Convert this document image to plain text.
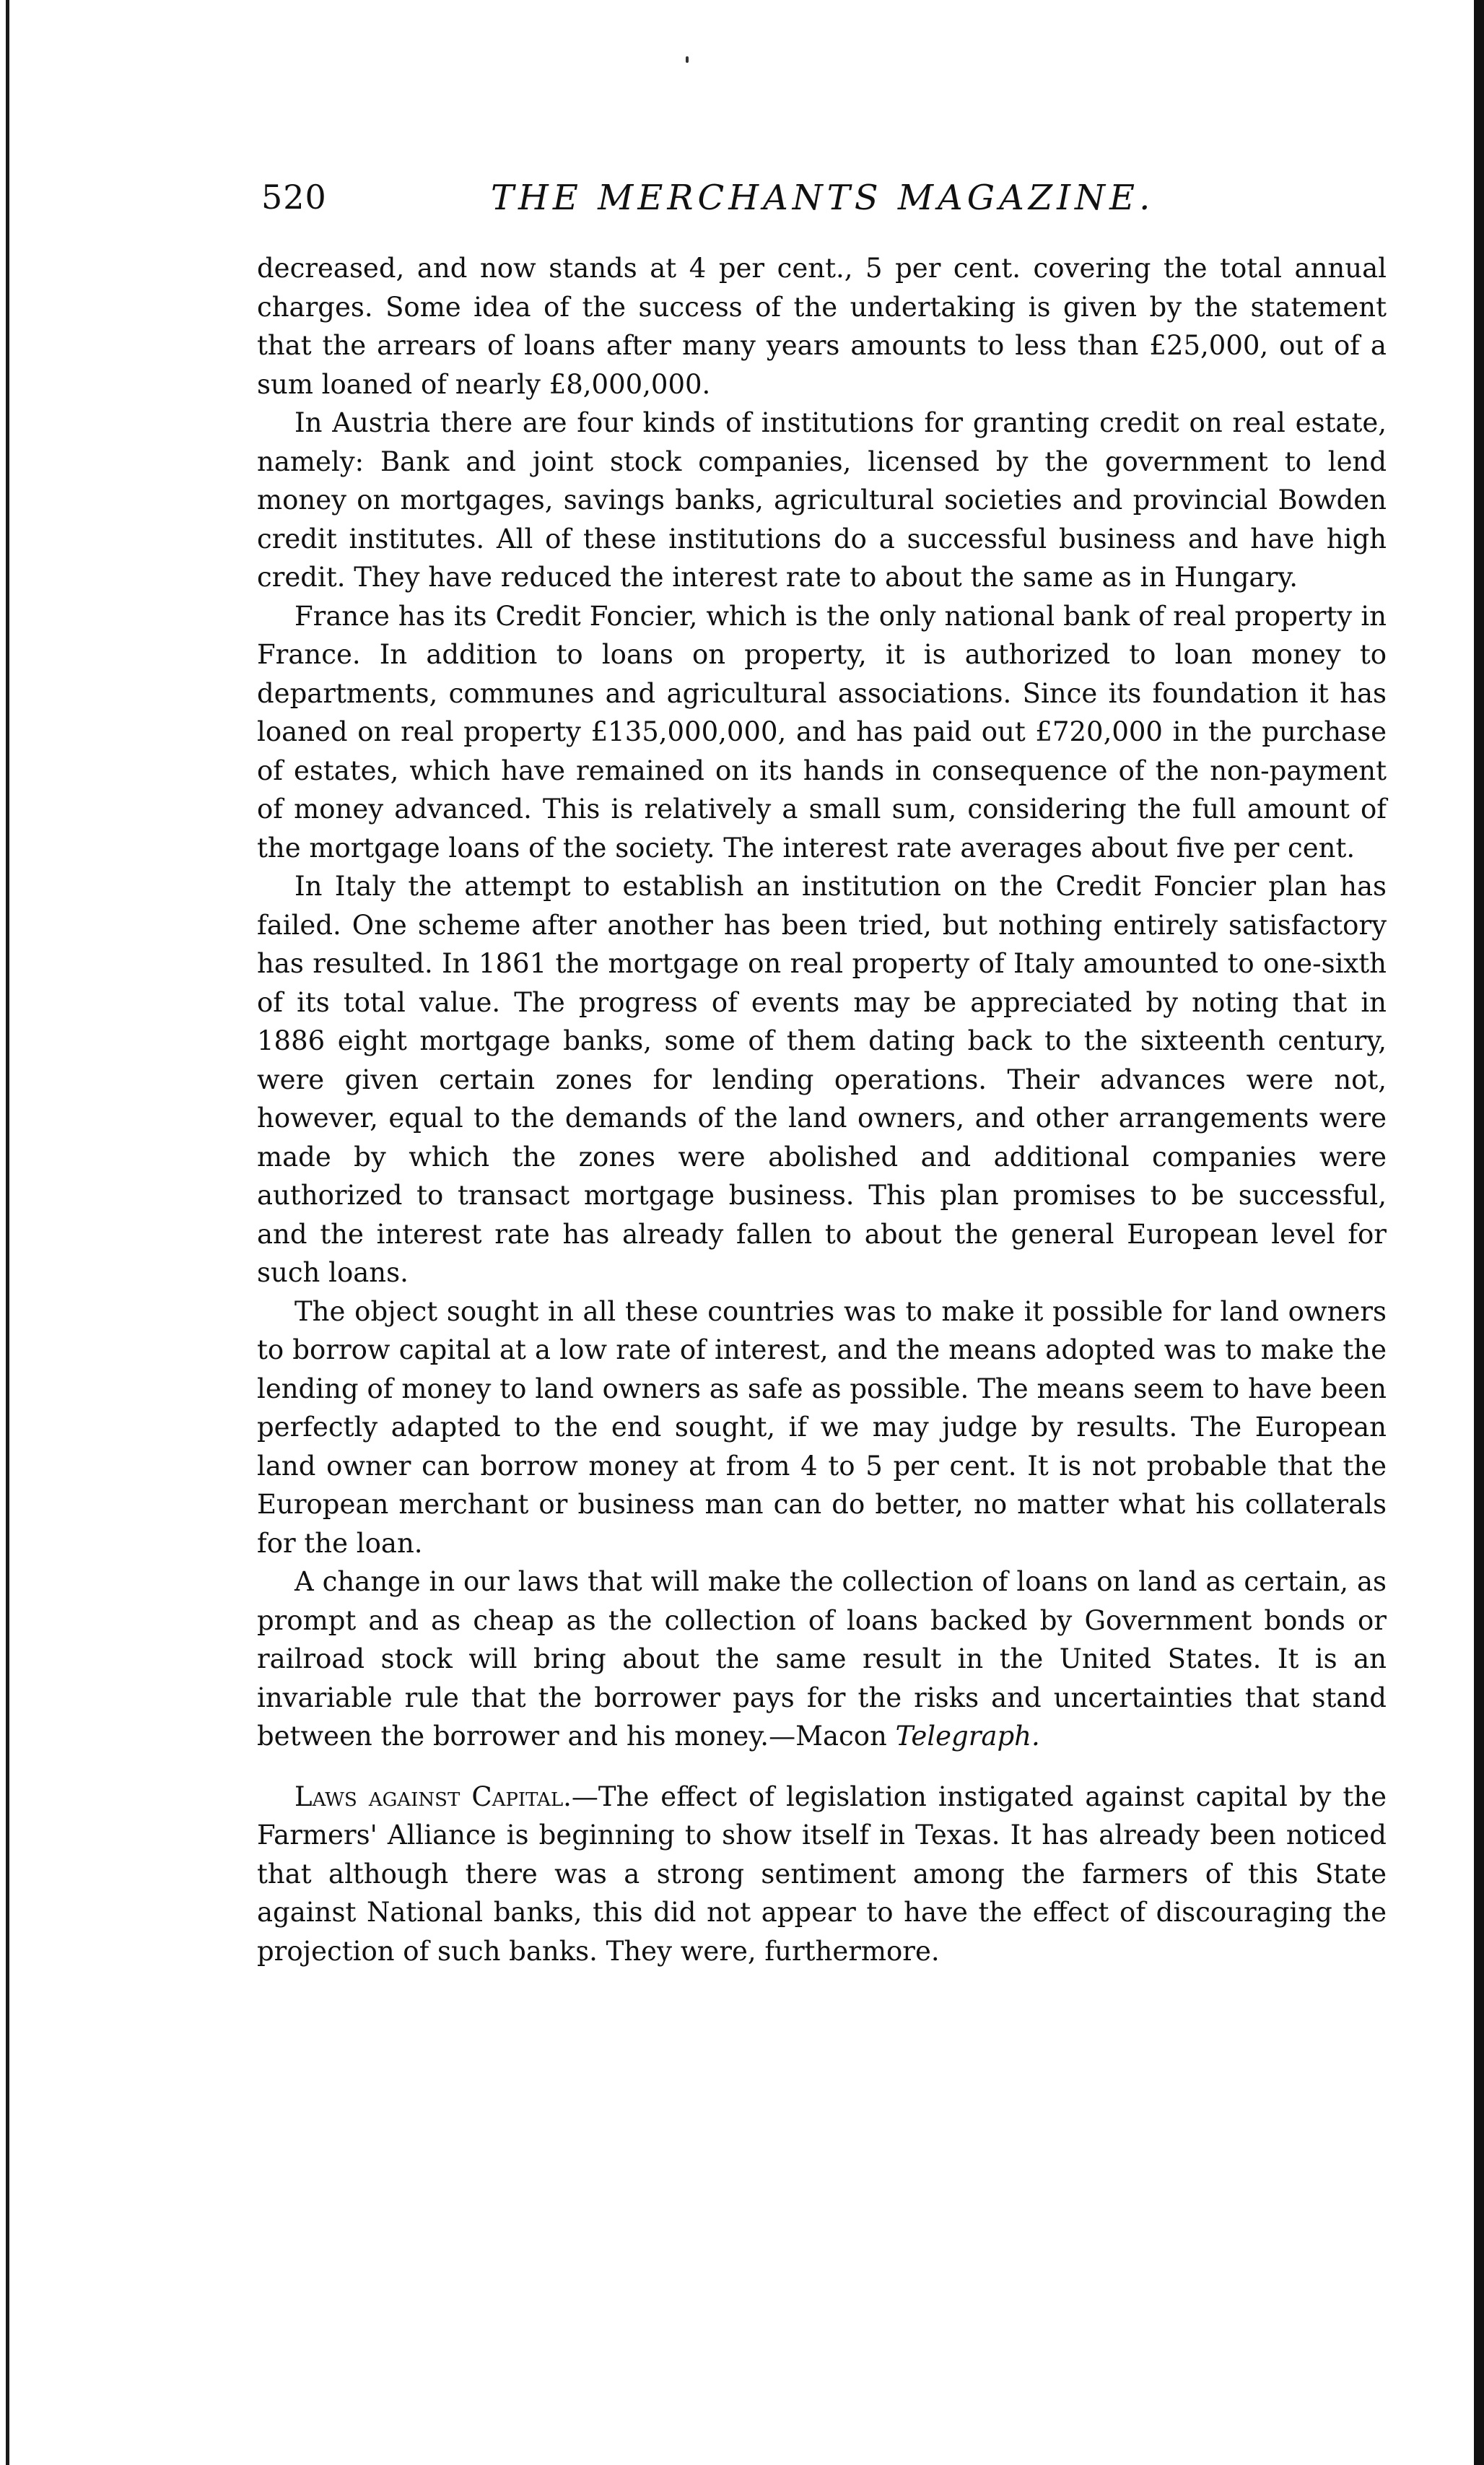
520	THE MERCHANTS MAGAZINE.

decreased, and now stands at 4 per cent., 5 per cent. covering the total annual charges. Some idea of the success of the undertaking is given by the statement that the arrears of loans after many years amounts to less than £25,000, out of a sum loaned of nearly £8,000,000.

In Austria there are four kinds of institutions for granting credit on real estate, namely: Bank and joint stock companies, licensed by the government to lend money on mortgages, savings banks, agricultural societies and provincial Bowden credit institutes. All of these institutions do a successful business and have high credit. They have reduced the interest rate to about the same as in Hungary.

France has its Credit Foncier, which is the only national bank of real property in France. In addition to loans on property, it is authorized to loan money to departments, communes and agricultural associations. Since its foundation it has loaned on real property £135,000,000, and has paid out £720,000 in the purchase of estates, which have remained on its hands in consequence of the non-payment of money advanced. This is relatively a small sum, considering the full amount of the mortgage loans of the society. The interest rate averages about five per cent.

In Italy the attempt to establish an institution on the Credit Foncier plan has failed. One scheme after another has been tried, but nothing entirely satisfactory has resulted. In 1861 the mortgage on real property of Italy amounted to one-sixth of its total value. The progress of events may be appreciated by noting that in 1886 eight mortgage banks, some of them dating back to the sixteenth century, were given certain zones for lending operations. Their advances were not, however, equal to the demands of the land owners, and other arrangements were made by which the zones were abolished and additional companies were authorized to transact mortgage business. This plan promises to be successful, and the interest rate has already fallen to about the general European level for such loans.

The object sought in all these countries was to make it possible for land owners to borrow capital at a low rate of interest, and the means adopted was to make the lending of money to land owners as safe as possible. The means seem to have been perfectly adapted to the end sought, if we may judge by results. The European land owner can borrow money at from 4 to 5 per cent. It is not probable that the European merchant or business man can do better, no matter what his collaterals for the loan.

A change in our laws that will make the collection of loans on land as certain, as prompt and as cheap as the collection of loans backed by Government bonds or railroad stock will bring about the same result in the United States. It is an invariable rule that the borrower pays for the risks and uncertainties that stand between the borrower and his money.—Macon Telegraph.

Laws against Capital.—The effect of legislation instigated against capital by the Farmers' Alliance is beginning to show itself in Texas. It has already been noticed that although there was a strong sentiment among the farmers of this State against National banks, this did not appear to have the effect of discouraging the projection of such banks. They were, furthermore.
